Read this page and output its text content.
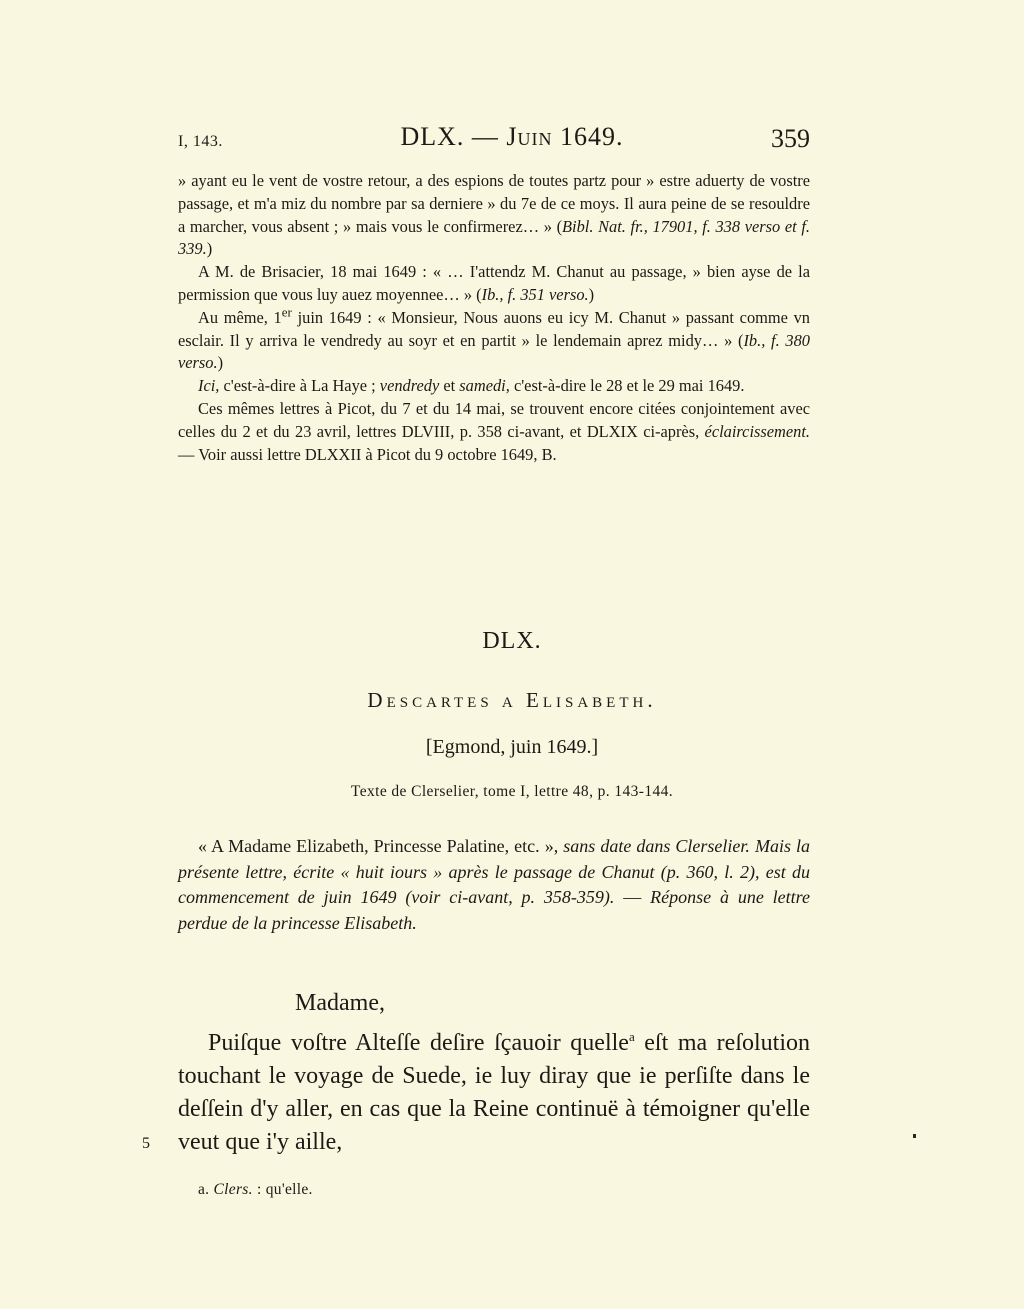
I, 143.	DLX. — Juin 1649.	359

» ayant eu le vent de vostre retour, a des espions de toutes partz pour » estre aduerty de vostre passage, et m'a miz du nombre par sa derniere » du 7e de ce moys. Il aura peine de se resouldre a marcher, vous absent ; » mais vous le confirmerez… » (Bibl. Nat. fr., 17901, f. 338 verso et f. 339.)

A M. de Brisacier, 18 mai 1649 : « … I'attendz M. Chanut au passage, » bien ayse de la permission que vous luy auez moyennee… » (Ib., f. 351 verso.)

Au même, 1er juin 1649 : « Monsieur, Nous auons eu icy M. Chanut » passant comme vn esclair. Il y arriva le vendredy au soyr et en partit » le lendemain aprez midy… » (Ib., f. 380 verso.)

Ici, c'est-à-dire à La Haye ; vendredy et samedi, c'est-à-dire le 28 et le 29 mai 1649.

Ces mêmes lettres à Picot, du 7 et du 14 mai, se trouvent encore citées conjointement avec celles du 2 et du 23 avril, lettres DLVIII, p. 358 ci-avant, et DLXIX ci-après, éclaircissement. — Voir aussi lettre DLXXII à Picot du 9 octobre 1649, B.

DLX.
Descartes a Elisabeth.
[Egmond, juin 1649.]
Texte de Clerselier, tome I, lettre 48, p. 143-144.

« A Madame Elizabeth, Princesse Palatine, etc. », sans date dans Clerselier. Mais la présente lettre, écrite « huit iours » après le passage de Chanut (p. 360, l. 2), est du commencement de juin 1649 (voir ci-avant, p. 358-359). — Réponse à une lettre perdue de la princesse Elisabeth.

Madame,

Puiſque voſtre Alteſſe deſire ſçauoir quelle$^a$ eſt ma reſolution touchant le voyage de Suede, ie luy diray que ie perſiſte dans le deſſein d'y aller, en cas que la Reine continuë à témoigner qu'elle veut que i'y aille,

5
a. Clers. : qu'elle.
